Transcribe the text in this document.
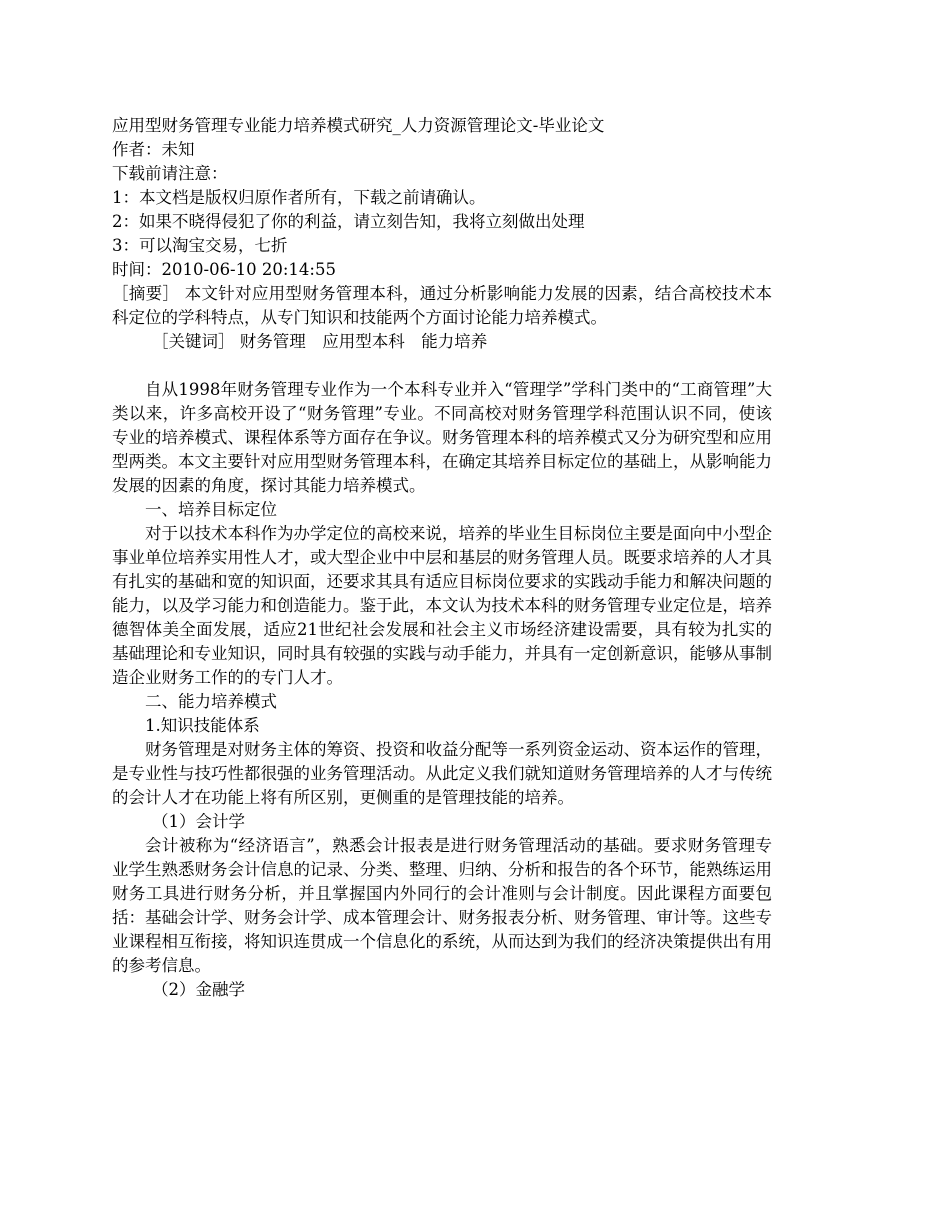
应用型财务管理专业能力培养模式研究_人力资源管理论文-毕业论文

作者：未知

下载前请注意：

1：本文档是版权归原作者所有，下载之前请确认。

2：如果不晓得侵犯了你的利益，请立刻告知，我将立刻做出处理

3：可以淘宝交易，七折

时间：2010-06-10 20:14:55

［摘要］ 本文针对应用型财务管理本科，通过分析影响能力发展的因素，结合高校技术本科定位的学科特点，从专门知识和技能两个方面讨论能力培养模式。

［关键词］ 财务管理　应用型本科　能力培养

自从1998年财务管理专业作为一个本科专业并入“管理学”学科门类中的“工商管理”大类以来，许多高校开设了“财务管理”专业。不同高校对财务管理学科范围认识不同，使该专业的培养模式、课程体系等方面存在争议。财务管理本科的培养模式又分为研究型和应用型两类。本文主要针对应用型财务管理本科，在确定其培养目标定位的基础上，从影响能力发展的因素的角度，探讨其能力培养模式。

一、培养目标定位

对于以技术本科作为办学定位的高校来说，培养的毕业生目标岗位主要是面向中小型企事业单位培养实用性人才，或大型企业中中层和基层的财务管理人员。既要求培养的人才具有扎实的基础和宽的知识面，还要求其具有适应目标岗位要求的实践动手能力和解决问题的能力，以及学习能力和创造能力。鉴于此，本文认为技术本科的财务管理专业定位是，培养德智体美全面发展，适应21世纪社会发展和社会主义市场经济建设需要，具有较为扎实的基础理论和专业知识，同时具有较强的实践与动手能力，并具有一定创新意识，能够从事制造企业财务工作的的专门人才。

二、能力培养模式

1.知识技能体系

财务管理是对财务主体的筹资、投资和收益分配等一系列资金运动、资本运作的管理，是专业性与技巧性都很强的业务管理活动。从此定义我们就知道财务管理培养的人才与传统的会计人才在功能上将有所区别，更侧重的是管理技能的培养。

（1）会计学

会计被称为“经济语言”，熟悉会计报表是进行财务管理活动的基础。要求财务管理专业学生熟悉财务会计信息的记录、分类、整理、归纳、分析和报告的各个环节，能熟练运用财务工具进行财务分析，并且掌握国内外同行的会计准则与会计制度。因此课程方面要包括：基础会计学、财务会计学、成本管理会计、财务报表分析、财务管理、审计等。这些专业课程相互衔接，将知识连贯成一个信息化的系统，从而达到为我们的经济决策提供出有用的参考信息。

（2）金融学
